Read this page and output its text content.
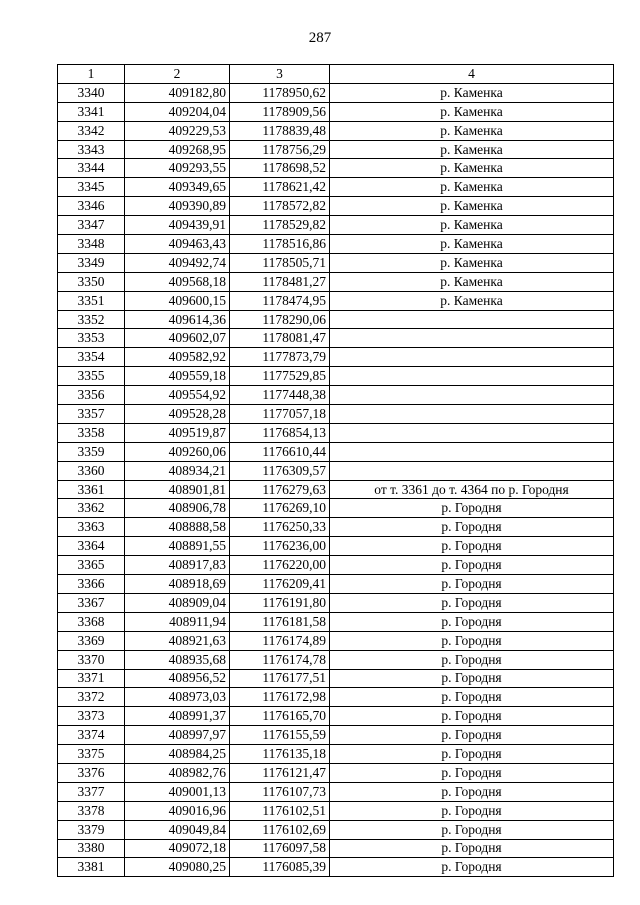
287
1	2	3	4
3340	409182,80	1178950,62	р. Каменка
3341	409204,04	1178909,56	р. Каменка
3342	409229,53	1178839,48	р. Каменка
3343	409268,95	1178756,29	р. Каменка
3344	409293,55	1178698,52	р. Каменка
3345	409349,65	1178621,42	р. Каменка
3346	409390,89	1178572,82	р. Каменка
3347	409439,91	1178529,82	р. Каменка
3348	409463,43	1178516,86	р. Каменка
3349	409492,74	1178505,71	р. Каменка
3350	409568,18	1178481,27	р. Каменка
3351	409600,15	1178474,95	р. Каменка
3352	409614,36	1178290,06	
3353	409602,07	1178081,47	
3354	409582,92	1177873,79	
3355	409559,18	1177529,85	
3356	409554,92	1177448,38	
3357	409528,28	1177057,18	
3358	409519,87	1176854,13	
3359	409260,06	1176610,44	
3360	408934,21	1176309,57	
3361	408901,81	1176279,63	от т. 3361 до т. 4364 по р. Городня
3362	408906,78	1176269,10	р. Городня
3363	408888,58	1176250,33	р. Городня
3364	408891,55	1176236,00	р. Городня
3365	408917,83	1176220,00	р. Городня
3366	408918,69	1176209,41	р. Городня
3367	408909,04	1176191,80	р. Городня
3368	408911,94	1176181,58	р. Городня
3369	408921,63	1176174,89	р. Городня
3370	408935,68	1176174,78	р. Городня
3371	408956,52	1176177,51	р. Городня
3372	408973,03	1176172,98	р. Городня
3373	408991,37	1176165,70	р. Городня
3374	408997,97	1176155,59	р. Городня
3375	408984,25	1176135,18	р. Городня
3376	408982,76	1176121,47	р. Городня
3377	409001,13	1176107,73	р. Городня
3378	409016,96	1176102,51	р. Городня
3379	409049,84	1176102,69	р. Городня
3380	409072,18	1176097,58	р. Городня
3381	409080,25	1176085,39	р. Городня
